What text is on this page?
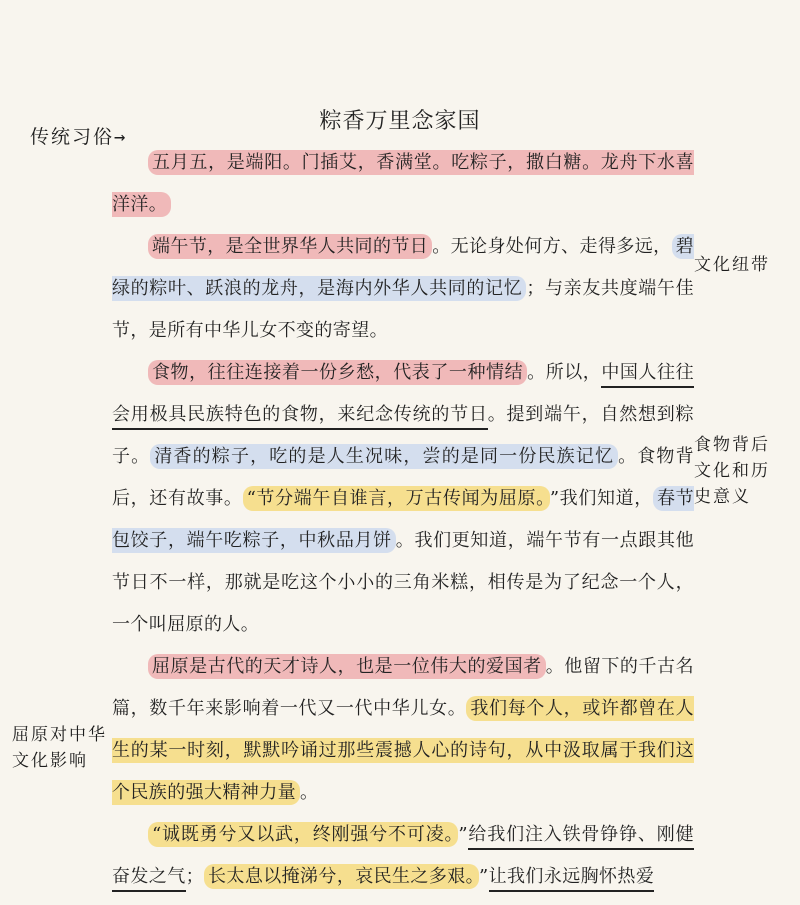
粽香万里念家国
传统习俗→
文化纽带
食物背后文化和历史意义
屈原对中华文化影响

五月五，是端阳。门插艾，香满堂。吃粽子，撒白糖。龙舟下水喜洋洋。

端午节，是全世界华人共同的节日 。无论身处何方、走得多远， 碧绿的粽叶、跃浪的龙舟，是海内外华人共同的记忆 ；与亲友共度端午佳节，是所有中华儿女不变的寄望。

食物，往往连接着一份乡愁，代表了一种情结 。所以，中国人往往会用极具民族特色的食物，来纪念传统的节日。提到端午，自然想到粽子。 清香的粽子，吃的是人生况味，尝的是同一份民族记忆 。食物背后，还有故事。 “节分端午自谁言，万古传闻为屈原。 ”我们知道， 春节包饺子，端午吃粽子，中秋品月饼 。我们更知道，端午节有一点跟其他节日不一样，那就是吃这个小小的三角米糕，相传是为了纪念一个人，一个叫屈原的人。

屈原是古代的天才诗人，也是一位伟大的爱国者 。他留下的千古名篇，数千年来影响着一代又一代中华儿女。 我们每个人，或许都曾在人生的某一时刻，默默吟诵过那些震撼人心的诗句，从中汲取属于我们这个民族的强大精神力量 。

“诚既勇兮又以武，终刚强兮不可凌。 ”给我们注入铁骨铮铮、刚健奋发之气； 长太息以掩涕兮，哀民生之多艰。 ”让我们永远胸怀热爱
